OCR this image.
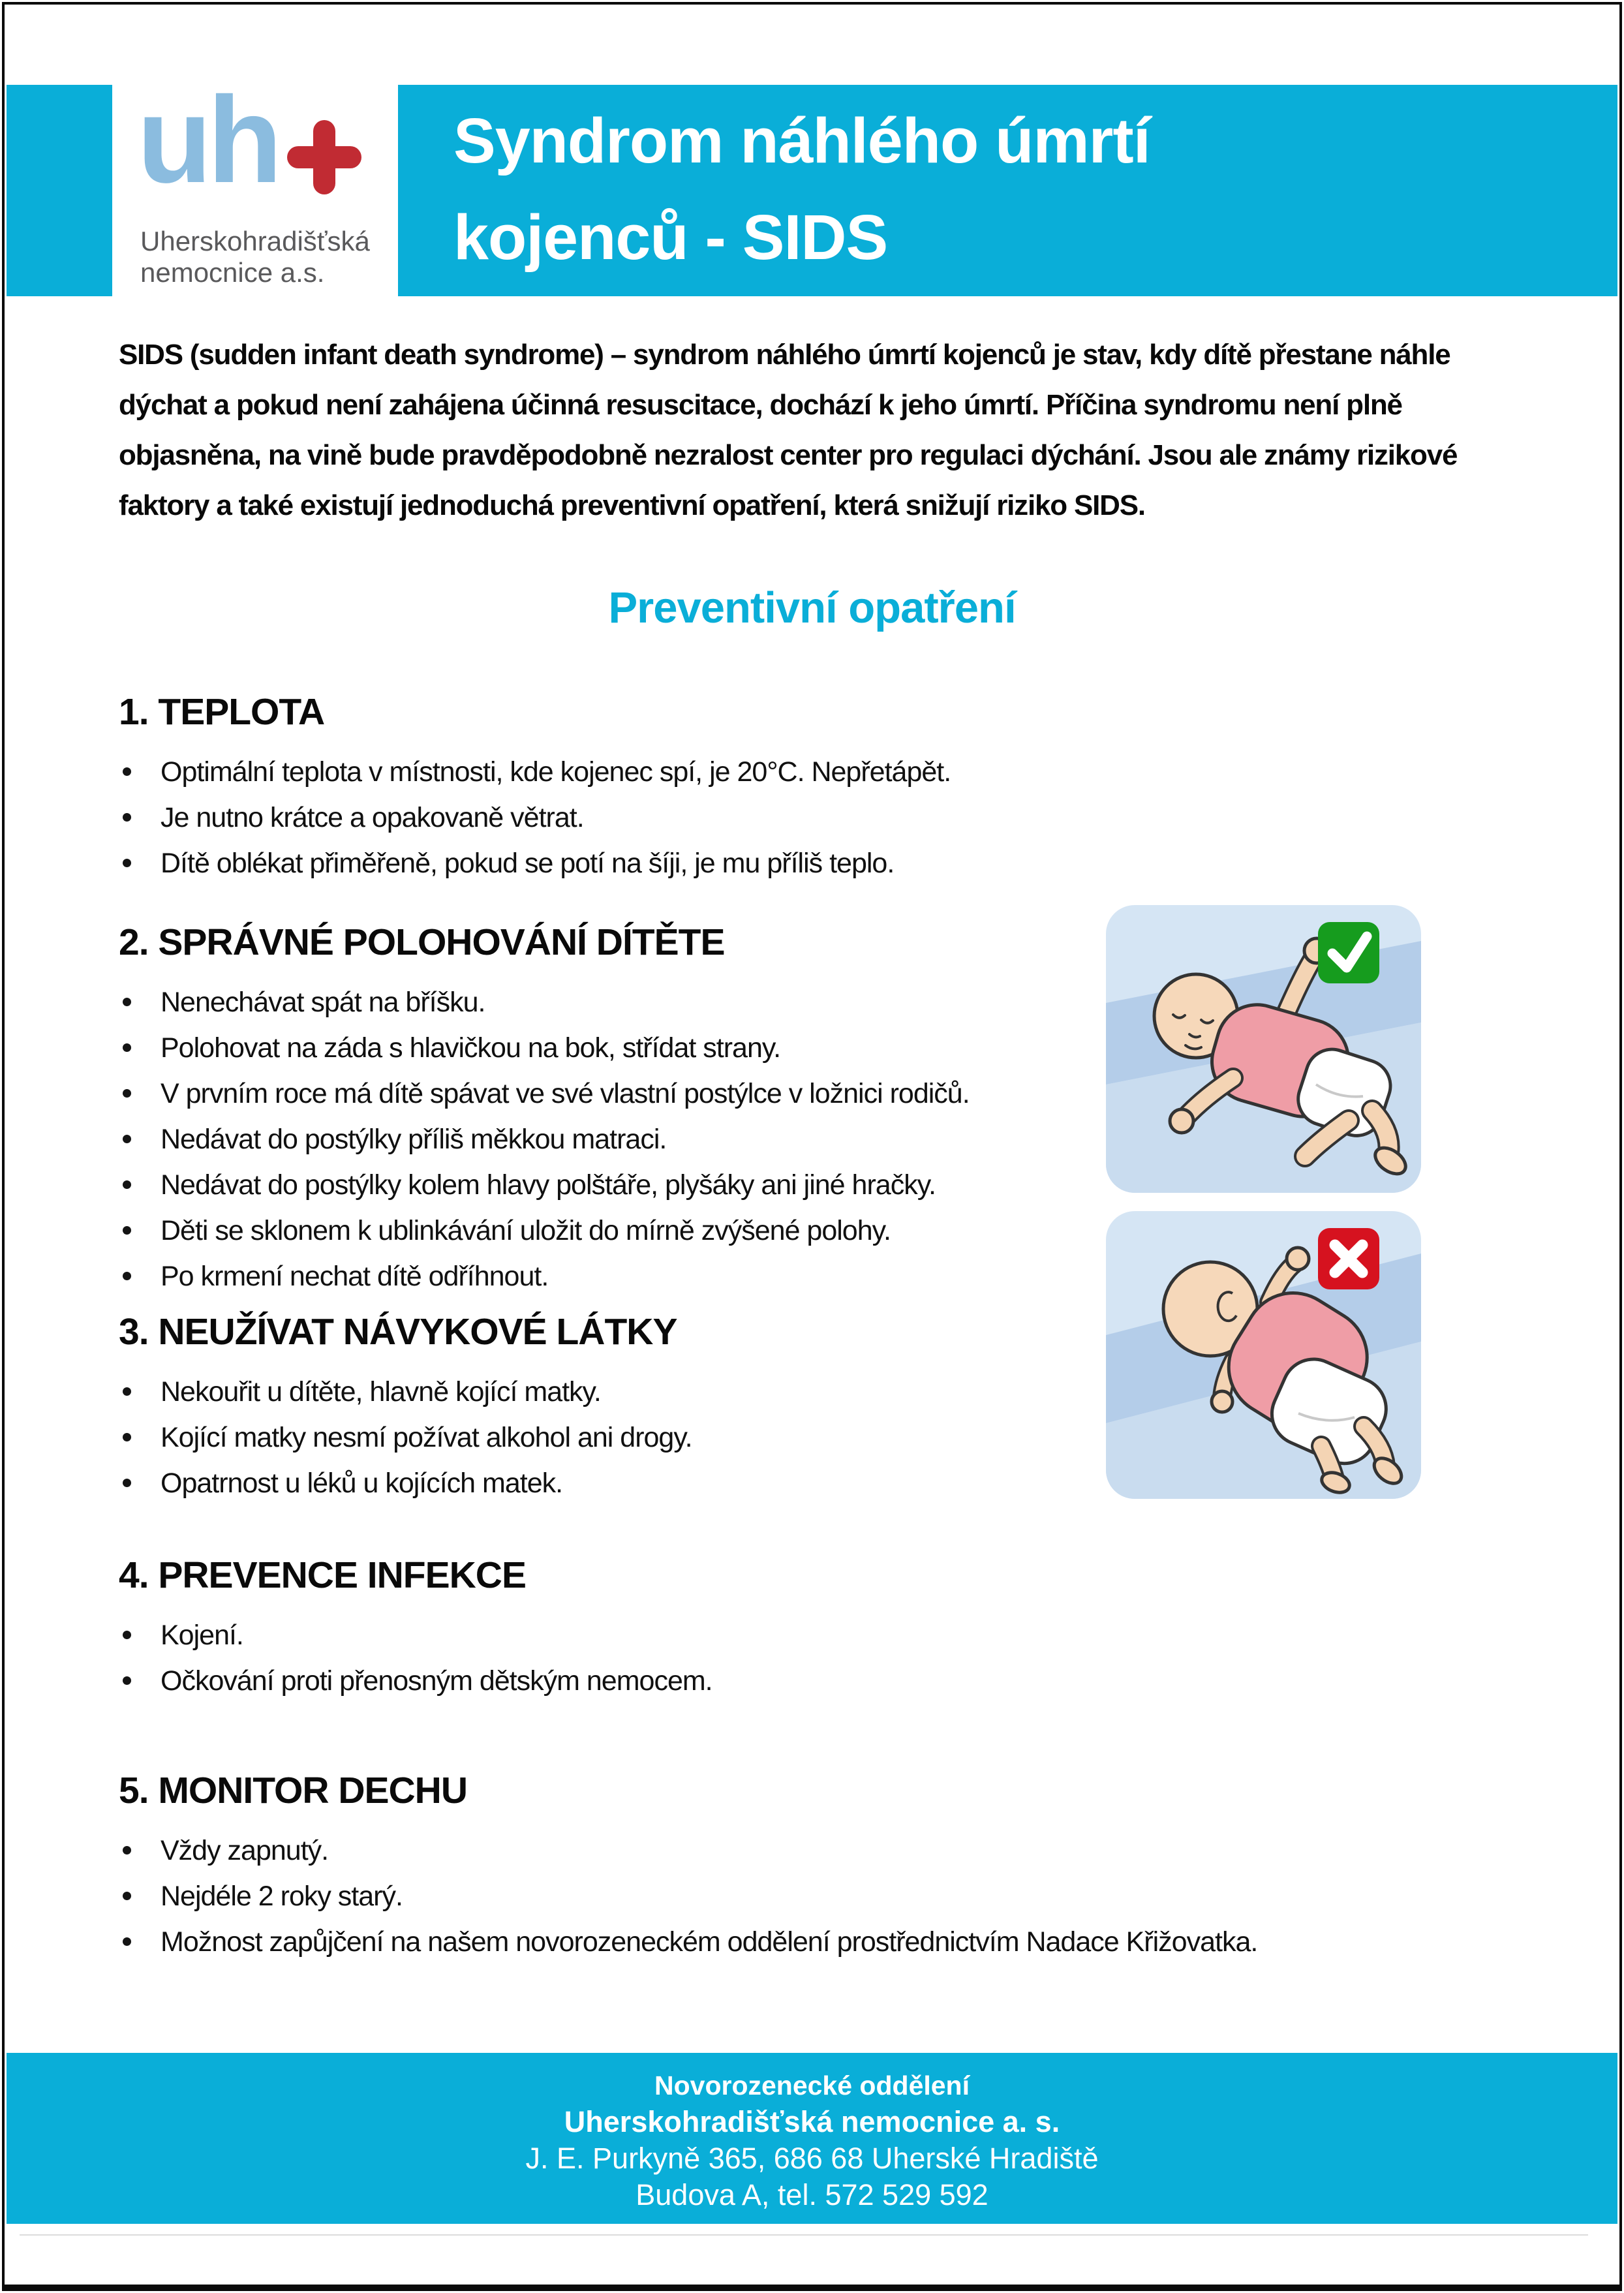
uh
Uherskohradišťská
nemocnice a.s.
Syndrom náhlého úmrtí
kojenců - SIDS
SIDS (sudden infant death syndrome) – syndrom náhlého úmrtí kojenců je stav, kdy dítě přestane náhle dýchat a pokud není zahájena účinná resuscitace, dochází k jeho úmrtí. Příčina syndromu není plně objasněna, na vině bude pravděpodobně nezralost center pro regulaci dýchání. Jsou ale známy rizikové faktory a také existují jednoduchá preventivní opatření, která snižují riziko SIDS.
Preventivní opatření
1. TEPLOTA
Optimální teplota v místnosti, kde kojenec spí, je 20°C. Nepřetápět.
Je nutno krátce a opakovaně větrat.
Dítě oblékat přiměřeně, pokud se potí na šíji, je mu příliš teplo.
2. SPRÁVNÉ POLOHOVÁNÍ DÍTĚTE
Nenechávat spát na bříšku.
Polohovat na záda s hlavičkou na bok, střídat strany.
V prvním roce má dítě spávat ve své vlastní postýlce v ložnici rodičů.
Nedávat do postýlky příliš měkkou matraci.
Nedávat do postýlky kolem hlavy polštáře, plyšáky ani jiné hračky.
Děti se sklonem k ublinkávání uložit do mírně zvýšené polohy.
Po krmení nechat dítě odříhnout.
3. NEUŽÍVAT NÁVYKOVÉ LÁTKY
Nekouřit u dítěte, hlavně kojící matky.
Kojící matky nesmí požívat alkohol ani drogy.
Opatrnost u léků u kojících matek.
4. PREVENCE INFEKCE
Kojení.
Očkování proti přenosným dětským nemocem.
5. MONITOR DECHU
Vždy zapnutý.
Nejdéle 2 roky starý.
Možnost zapůjčení na našem novorozeneckém oddělení prostřednictvím Nadace Křižovatka.
Novorozenecké oddělení
Uherskohradišťská nemocnice a. s.
J. E. Purkyně 365, 686 68 Uherské Hradiště
Budova A, tel. 572 529 592
